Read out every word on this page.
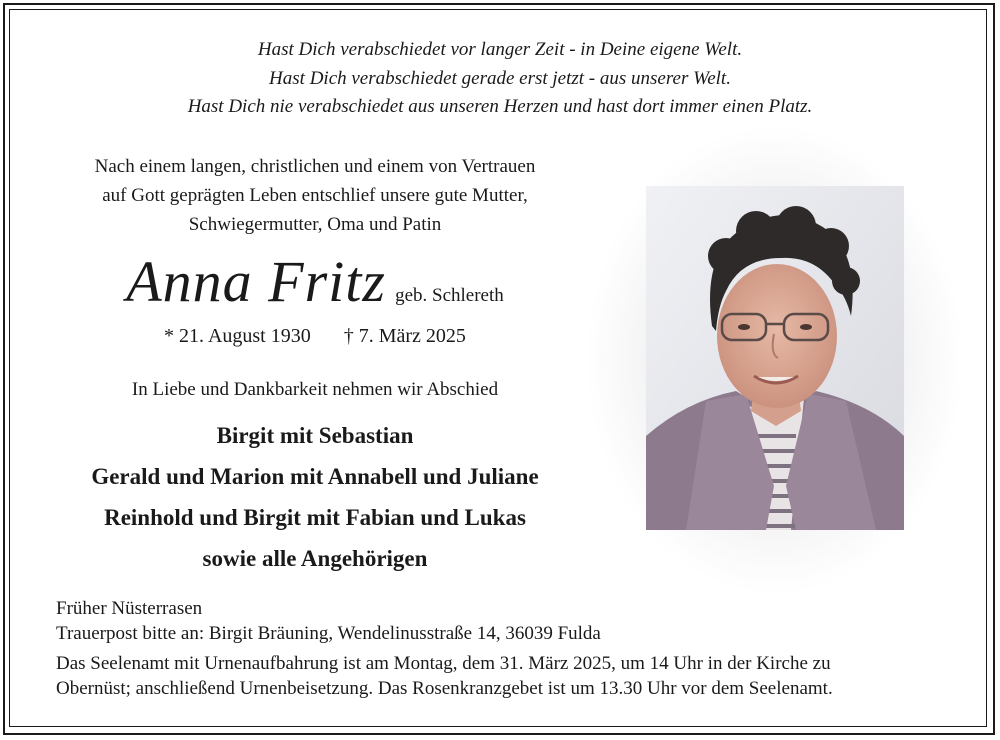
Hast Dich verabschiedet vor langer Zeit - in Deine eigene Welt.
Hast Dich verabschiedet gerade erst jetzt - aus unserer Welt.
Hast Dich nie verabschiedet aus unseren Herzen und hast dort immer einen Platz.
Nach einem langen, christlichen und einem von Vertrauen
auf Gott geprägten Leben entschlief unsere gute Mutter,
Schwiegermutter, Oma und Patin
Anna Fritz geb. Schlereth
* 21. August 1930 † 7. März 2025
In Liebe und Dankbarkeit nehmen wir Abschied
Birgit mit Sebastian
Gerald und Marion mit Annabell und Juliane
Reinhold und Birgit mit Fabian und Lukas
sowie alle Angehörigen
Früher Nüsterrasen
Trauerpost bitte an: Birgit Bräuning, Wendelinusstraße 14, 36039 Fulda
Das Seelenamt mit Urnenaufbahrung ist am Montag, dem 31. März 2025, um 14 Uhr in der Kirche zu
Obernüst; anschließend Urnenbeisetzung. Das Rosenkranzgebet ist um 13.30 Uhr vor dem Seelenamt.
